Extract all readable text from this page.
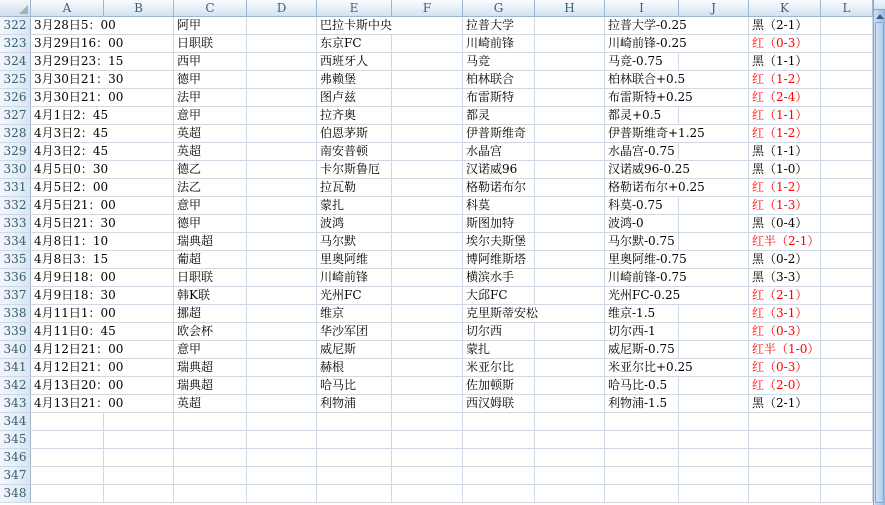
A	B	C	D	E	F	G	H	I	J	K	L
322 3月28日5：00	阿甲	巴拉卡斯中央	拉普大学	拉普大学-0.25	黑（2-1）
323 3月29日16：00	日职联	东京FC	川崎前锋	川崎前锋-0.25	红（0-3）
324 3月29日23：15	西甲	西班牙人	马竞	马竞-0.75	黑（1-1）
325 3月30日21：30	德甲	弗赖堡	柏林联合	柏林联合+0.5	红（1-2）
326 3月30日21：00	法甲	图卢兹	布雷斯特	布雷斯特+0.25	红（2-4）
327 4月1日2：45	意甲	拉齐奥	都灵	都灵+0.5	红（1-1）
328 4月3日2：45	英超	伯恩茅斯	伊普斯维奇	伊普斯维奇+1.25	红（1-2）
329 4月3日2：45	英超	南安普顿	水晶宫	水晶宫-0.75	黑（1-1）
330 4月5日0：30	德乙	卡尔斯鲁厄	汉诺威96	汉诺威96-0.25	黑（1-0）
331 4月5日2：00	法乙	拉瓦勒	格勒诺布尔	格勒诺布尔+0.25	红（1-2）
332 4月5日21：00	意甲	蒙扎	科莫	科莫-0.75	红（1-3）
333 4月5日21：30	德甲	波鸿	斯图加特	波鸿-0	黑（0-4）
334 4月8日1：10	瑞典超	马尔默	埃尔夫斯堡	马尔默-0.75	红半（2-1）
335 4月8日3：15	葡超	里奥阿维	博阿维斯塔	里奥阿维-0.75	黑（0-2）
336 4月9日18：00	日职联	川崎前锋	横滨水手	川崎前锋-0.75	黑（3-3）
337 4月9日18：30	韩K联	光州FC	大邱FC	光州FC-0.25	红（2-1）
338 4月11日1：00	挪超	维京	克里斯蒂安松	维京-1.5	红（3-1）
339 4月11日0：45	欧会杯	华沙军团	切尔西	切尔西-1	红（0-3）
340 4月12日21：00	意甲	威尼斯	蒙扎	威尼斯-0.75	红半（1-0）
341 4月12日21：00	瑞典超	赫根	米亚尔比	米亚尔比+0.25	红（0-3）
342 4月13日20：00	瑞典超	哈马比	佐加顿斯	哈马比-0.5	红（2-0）
343 4月13日21：00	英超	利物浦	西汉姆联	利物浦-1.5	黑（2-1）
344
345
346
347
348
